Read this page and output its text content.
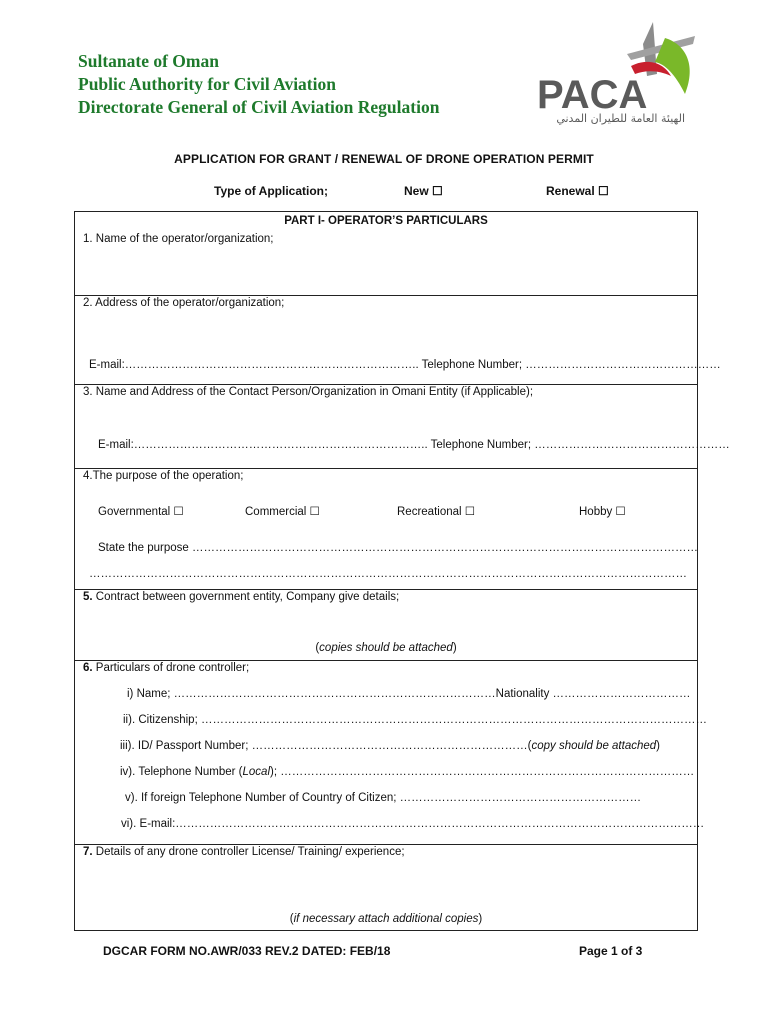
Sultanate of Oman
Public Authority for Civil Aviation
Directorate General of Civil Aviation Regulation PACA
الهيئة العامة للطيران المدني
APPLICATION FOR GRANT / RENEWAL OF DRONE OPERATION PERMIT
Type of Application;	New ☐	Renewal ☐
PART I- OPERATOR’S PARTICULARS
1. Name of the operator/organization;
2. Address of the operator/organization;
E-mail:………………………………………………………………….. Telephone Number; ……………………………………………
3. Name and Address of the Contact Person/Organization in Omani Entity (if Applicable);
E-mail:………………………………………………………………….. Telephone Number; ……………………………………………
4.The purpose of the operation;
Governmental ☐	Commercial ☐	Recreational ☐	Hobby ☐
State the purpose ……………………………………………………………………………………………………………………
…………………………………………………………………………………………………………………………………………
5. Contract between government entity, Company give details;
(copies should be attached)
6. Particulars of drone controller;
i) Name; …………………………………………………………………………Nationality ………………………………
ii). Citizenship; ……………………………………………………………………………………………………………………
iii). ID/ Passport Number; ………………………………………………………………(copy should be attached)
iv). Telephone Number (Local); ………………………………………………………………………………………………
v). If foreign Telephone Number of Country of Citizen; ………………………………………………………
vi). E-mail:…………………………………………………………………………………………………………………………
7. Details of any drone controller License/ Training/ experience;
(if necessary attach additional copies)
DGCAR FORM NO.AWR/033 REV.2 DATED: FEB/18	Page 1 of 3
